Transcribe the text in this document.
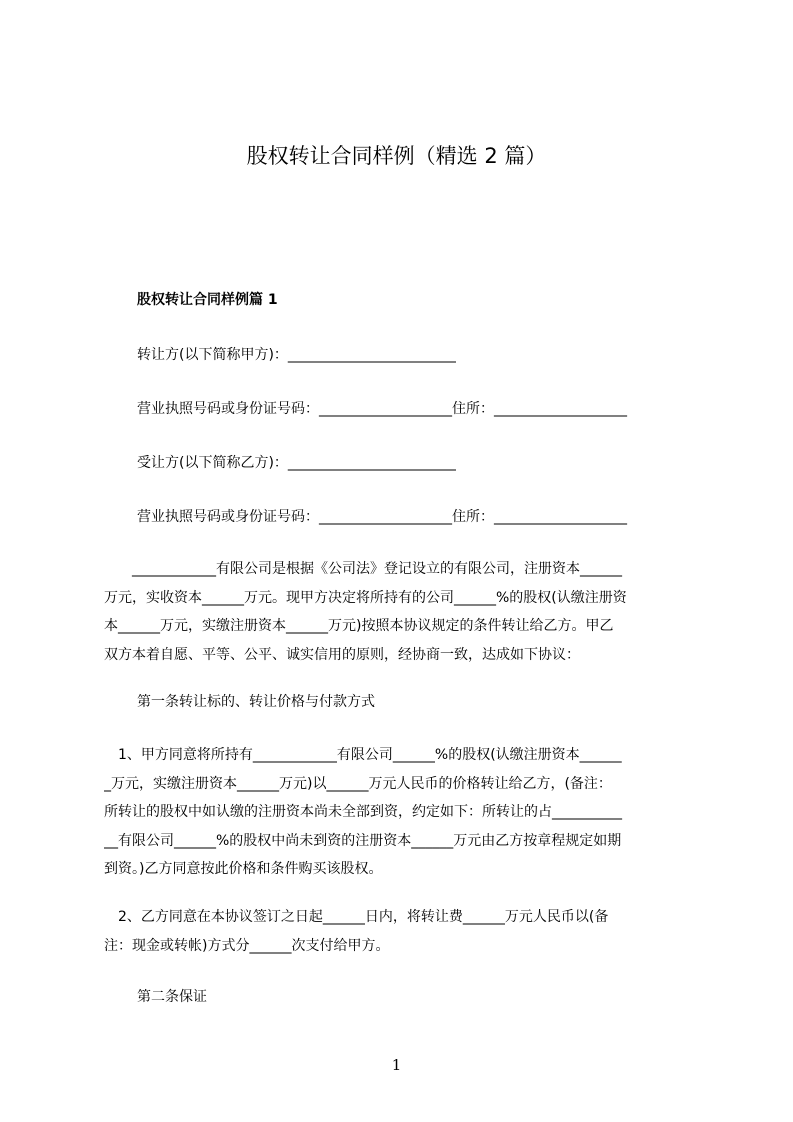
股权转让合同样例（精选 2 篇）

股权转让合同样例篇 1

转让方(以下简称甲方)：________________________

营业执照号码或身份证号码：___________________住所：___________________

受让方(以下简称乙方)：________________________

营业执照号码或身份证号码：___________________住所：___________________

　　____________有限公司是根据《公司法》登记设立的有限公司，注册资本______
万元，实收资本______万元。现甲方决定将所持有的公司______%的股权(认缴注册资
本______万元，实缴注册资本______万元)按照本协议规定的条件转让给乙方。甲乙
双方本着自愿、平等、公平、诚实信用的原则，经协商一致，达成如下协议：

第一条转让标的、转让价格与付款方式

　1、甲方同意将所持有____________有限公司______%的股权(认缴注册资本______
_万元，实缴注册资本______万元)以______万元人民币的价格转让给乙方，(备注：
所转让的股权中如认缴的注册资本尚未全部到资，约定如下：所转让的占__________
__有限公司______%的股权中尚未到资的注册资本______万元由乙方按章程规定如期
到资。)乙方同意按此价格和条件购买该股权。
　2、乙方同意在本协议签订之日起______日内，将转让费______万元人民币以(备
注：现金或转帐)方式分______次支付给甲方。

第二条保证

1
